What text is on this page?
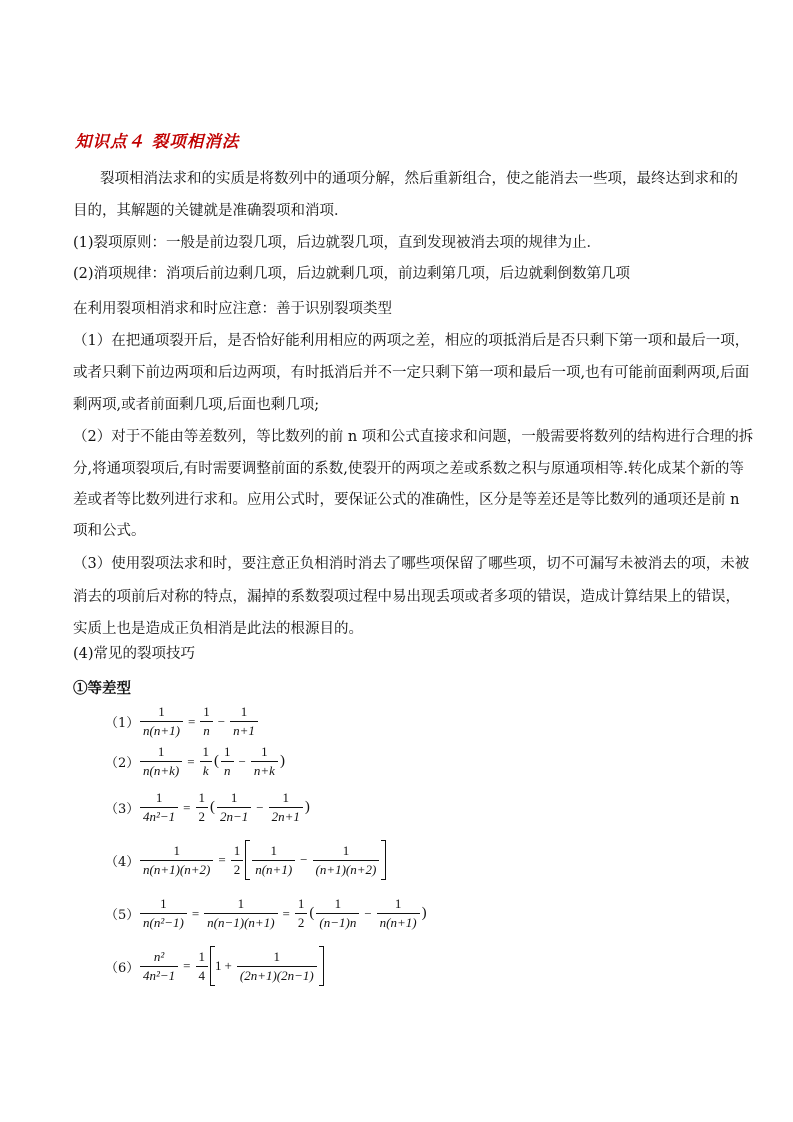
知识点４ 裂项相消法
裂项相消法求和的实质是将数列中的通项分解，然后重新组合，使之能消去一些项，最终达到求和的
目的，其解题的关键就是准确裂项和消项．
(1)裂项原则：一般是前边裂几项，后边就裂几项，直到发现被消去项的规律为止．
(2)消项规律：消项后前边剩几项，后边就剩几项，前边剩第几项，后边就剩倒数第几项
在利用裂项相消求和时应注意：善于识别裂项类型
（1）在把通项裂开后，是否恰好能利用相应的两项之差，相应的项抵消后是否只剩下第一项和最后一项，
或者只剩下前边两项和后边两项，有时抵消后并不一定只剩下第一项和最后一项,也有可能前面剩两项,后面
剩两项,或者前面剩几项,后面也剩几项;
（2）对于不能由等差数列，等比数列的前 n 项和公式直接求和问题，一般需要将数列的结构进行合理的拆
分,将通项裂项后,有时需要调整前面的系数,使裂开的两项之差或系数之积与原通项相等.转化成某个新的等
差或者等比数列进行求和。应用公式时，要保证公式的准确性，区分是等差还是等比数列的通项还是前 n
项和公式。
（3）使用裂项法求和时，要注意正负相消时消去了哪些项保留了哪些项，切不可漏写未被消去的项，未被
消去的项前后对称的特点，漏掉的系数裂项过程中易出现丢项或者多项的错误，造成计算结果上的错误，
实质上也是造成正负相消是此法的根源目的。
(4)常见的裂项技巧
①等差型
$(1) \frac{1}{n(n+1)} = \frac{1}{n} - \frac{1}{n+1}$
$(2) \frac{1}{n(n+k)} = \frac{1}{k}$ ( $\frac{1}{n} - \frac{1}{n+k}$ )
$(3) \frac{1}{\text{4n²−1}} = \frac{1}{2}$ ( $\frac{1}{2n-1} - \frac{1}{2n+1}$ )
$(4) \frac{1}{n(n+1)(n+2)} = \frac{1}{2} \frac{1}{n(n+1)} - \frac{1}{(n+1)(n+2)}$
$(5) \frac{1}{\text{n(n²−1)}} = \frac{1}{n(n-1)(n+1)} = \frac{1}{2}$ ( $\frac{1}{(n-1)n} - \frac{1}{n(n+1)}$ )
$(6) \frac{\text{n²}}{\text{4n²−1}} = \frac{1}{4} 1 + \frac{1}{(2n+1)(2n-1)}$
